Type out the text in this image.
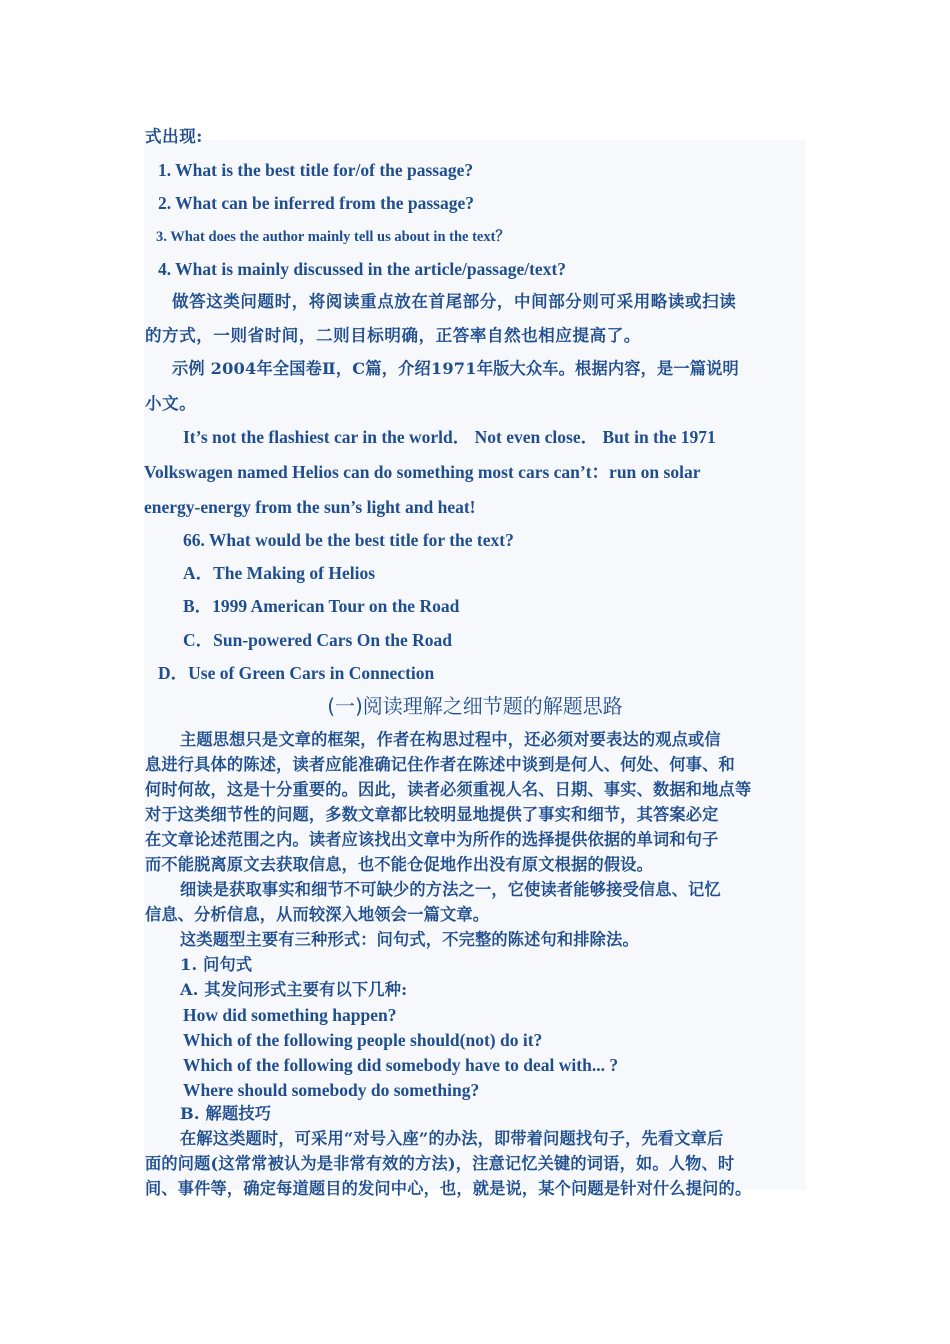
式出现:
1. What is the best title for/of the passage?
2. What can be inferred from the passage?
3. What does the author mainly tell us about in the text？
4. What is mainly discussed in the article/passage/text?
做答这类问题时，将阅读重点放在首尾部分，中间部分则可采用略读或扫读
的方式，一则省时间，二则目标明确，正答率自然也相应提高了。
示例 2004年全国卷Ⅱ，C篇，介绍1971年版大众车。根据内容，是一篇说明
小文。
It’s not the flashiest car in the world． Not even close． But in the 1971
Volkswagen named Helios can do something most cars can’t：run on solar
energy-energy from the sun’s light and heat!
66. What would be the best title for the text?
A．The Making of Helios
B．1999 American Tour on the Road
C．Sun-powered Cars On the Road
D．Use of Green Cars in Connection
(一)阅读理解之细节题的解题思路
主题思想只是文章的框架，作者在构思过程中，还必须对要表达的观点或信
息进行具体的陈述，读者应能准确记住作者在陈述中谈到是何人、何处、何事、和
何时何故，这是十分重要的。因此，读者必须重视人名、日期、事实、数据和地点等
对于这类细节性的问题，多数文章都比较明显地提供了事实和细节，其答案必定
在文章论述范围之内。读者应该找出文章中为所作的选择提供依据的单词和句子
而不能脱离原文去获取信息，也不能仓促地作出没有原文根据的假设。
细读是获取事实和细节不可缺少的方法之一，它使读者能够接受信息、记忆
信息、分析信息，从而较深入地领会一篇文章。
这类题型主要有三种形式：问句式，不完整的陈述句和排除法。
1. 问句式
A. 其发问形式主要有以下几种:
How did something happen?
Which of the following people should(not) do it?
Which of the following did somebody have to deal with... ?
Where should somebody do something?
B. 解题技巧
在解这类题时，可采用“对号入座”的办法，即带着问题找句子，先看文章后
面的问题(这常常被认为是非常有效的方法)，注意记忆关键的词语，如。人物、时
间、事件等，确定每道题目的发问中心，也，就是说，某个问题是针对什么提问的。
